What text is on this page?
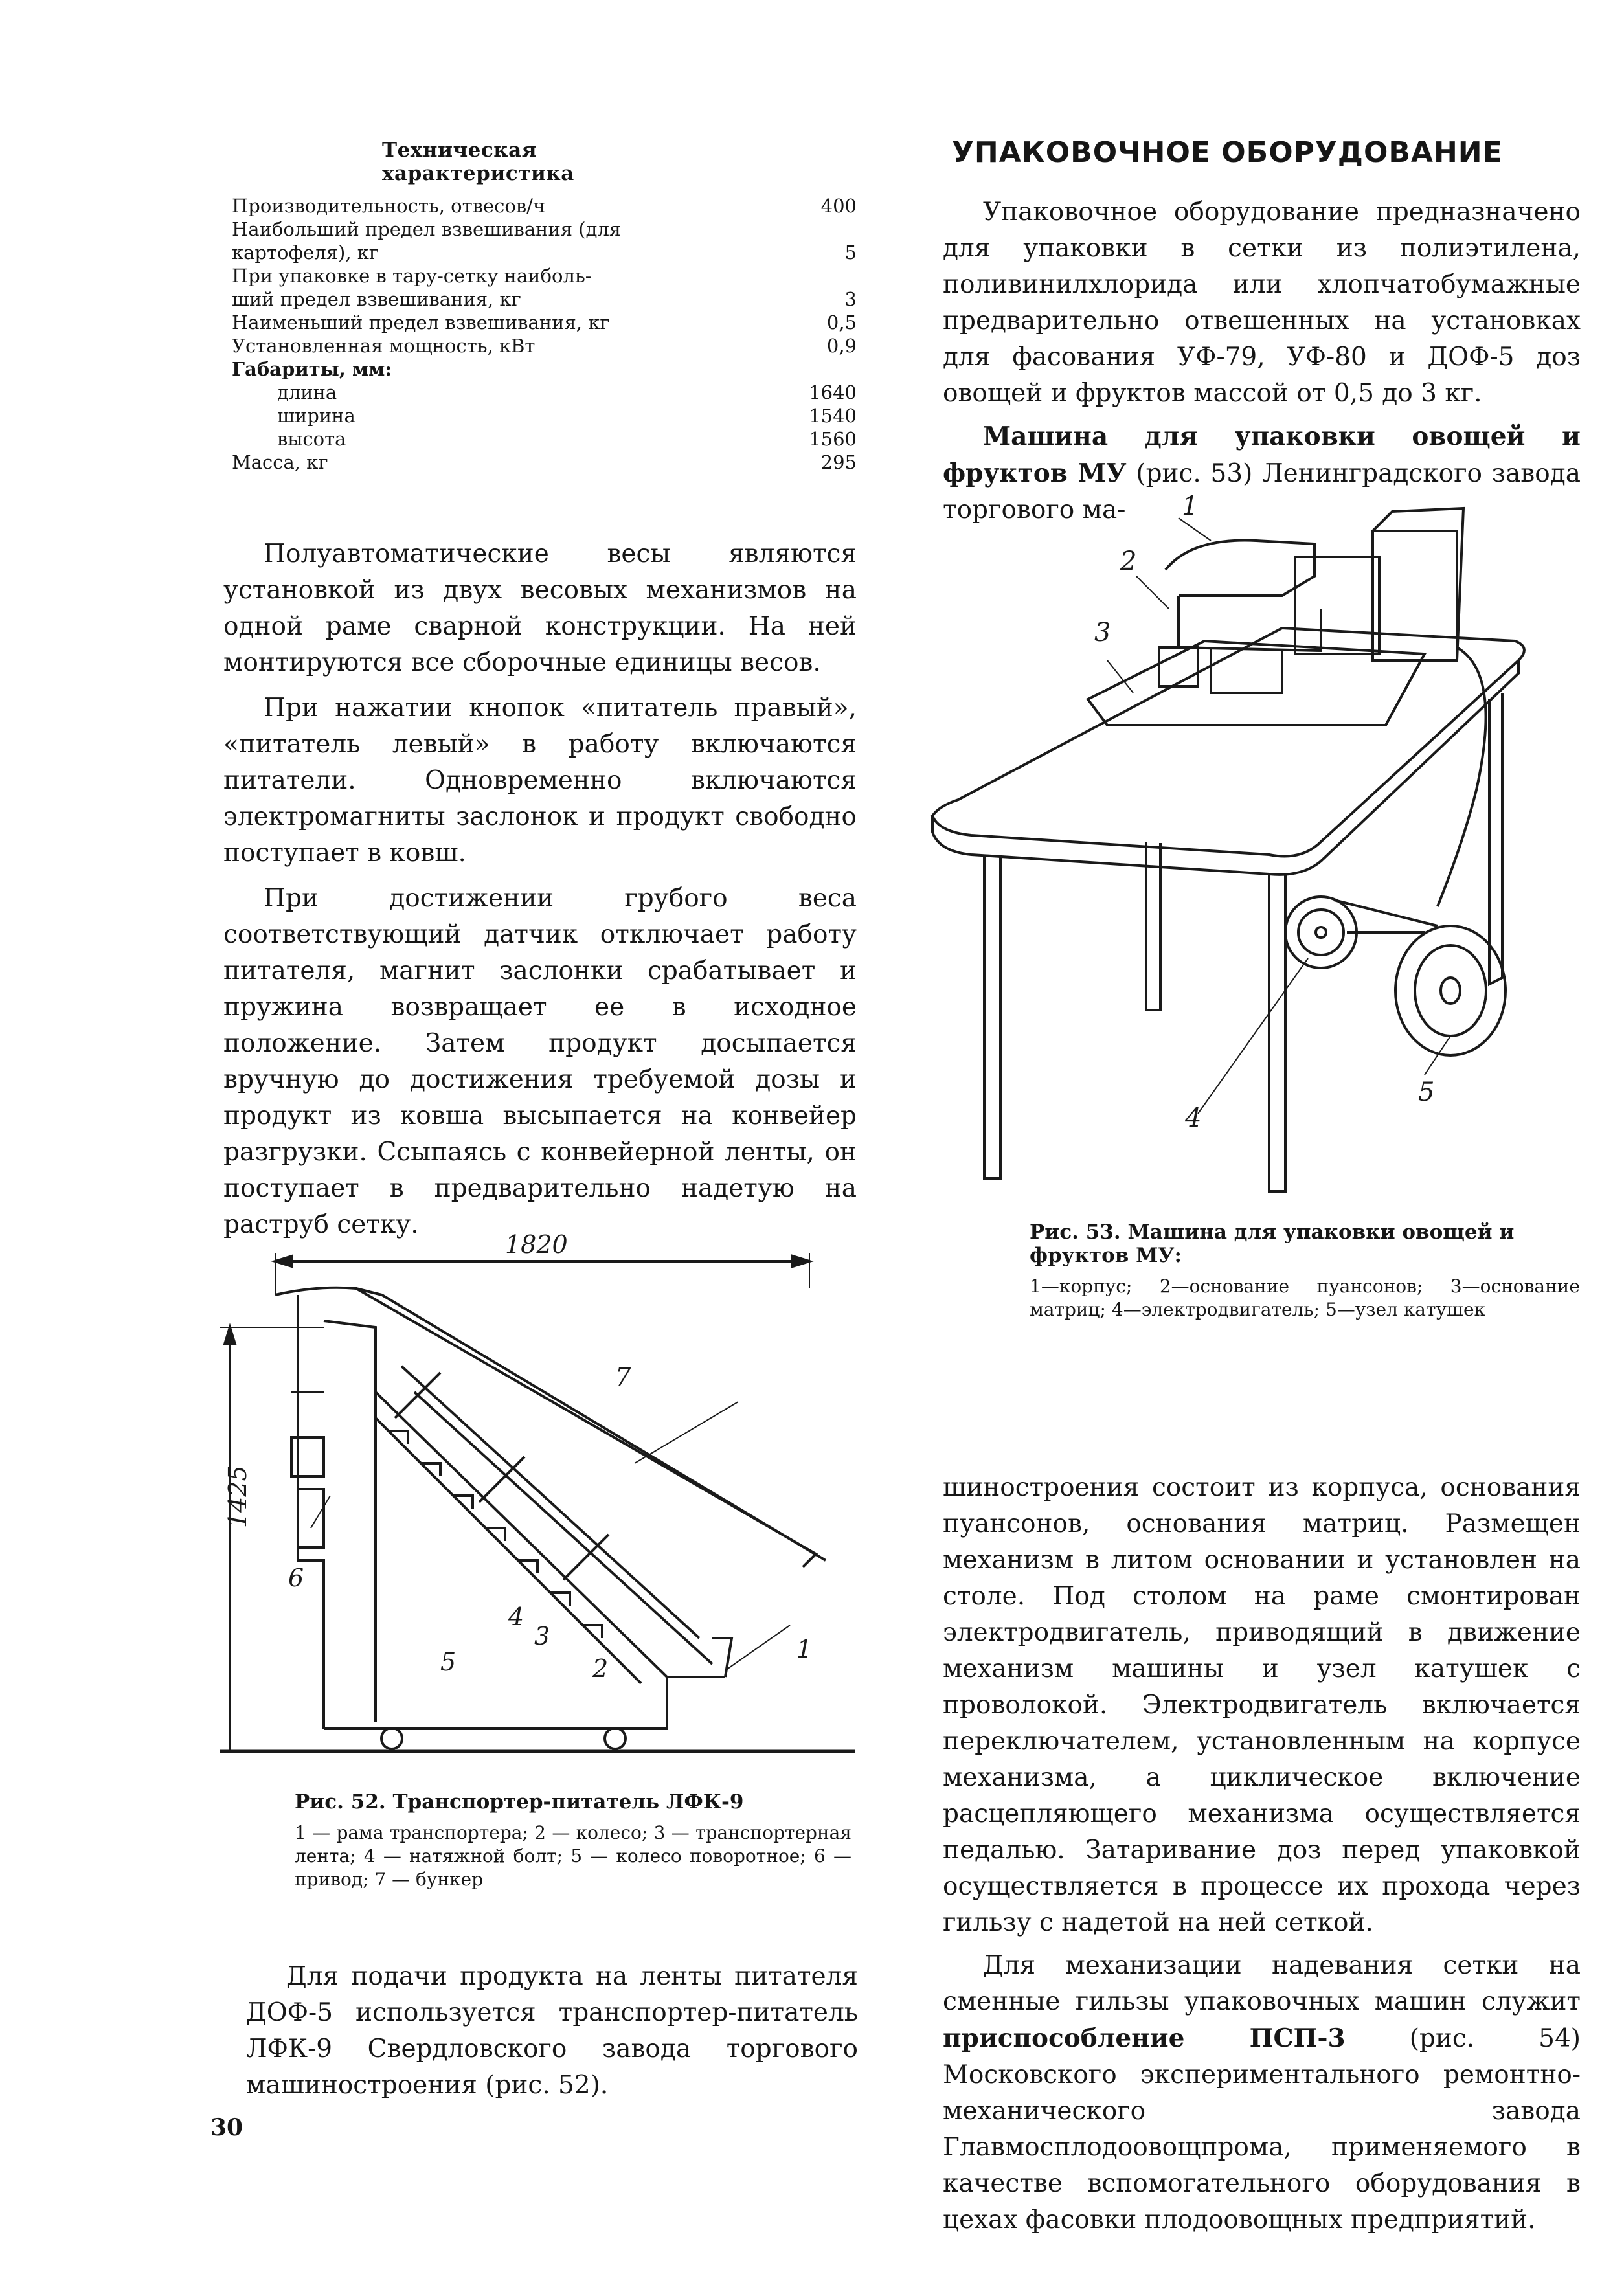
Техническая характеристика
Производительность, отвесов/ч	400
Наибольший предел взвешивания (для
картофеля), кг	5
При упаковке в тару-сетку наиболь-
ший предел взвешивания, кг	3
Наименьший предел взвешивания, кг	0,5
Установленная мощность, кВт	0,9
Габариты, мм:
длина	1640
ширина	1540
высота	1560
Масса, кг	295

Полуавтоматические весы являются установкой из двух весовых механизмов на одной раме сварной конструкции. На ней монтируются все сборочные единицы весов.

При нажатии кнопок «питатель правый», «питатель левый» в работу включаются питатели. Одновременно включаются электромагниты заслонок и продукт свободно поступает в ковш.

При достижении грубого веса соответствующий датчик отключает работу питателя, магнит заслонки срабатывает и пружина возвращает ее в исходное положение. Затем продукт досыпается вручную до достижения требуемой дозы и продукт из ковша высыпается на конвейер разгрузки. Ссыпаясь с конвейерной ленты, он поступает в предварительно надетую на раструб сетку.

1820
1425
1
2
3
4
5
6
7

Рис. 52. Транспортер-питатель ЛФК-9

1 — рама транспортера; 2 — колесо; 3 — транспортерная лента; 4 — натяжной болт; 5 — колесо поворотное; 6 — привод; 7 — бункер

Для подачи продукта на ленты питателя ДОФ-5 используется транспортер-питатель ЛФК-9 Свердловского завода торгового машиностроения (рис. 52).

30
УПАКОВОЧНОЕ ОБОРУДОВАНИЕ

Упаковочное оборудование предназначено для упаковки в сетки из полиэтилена, поливинилхлорида или хлопчатобумажные предварительно отвешенных на установках для фасования УФ-79, УФ-80 и ДОФ-5 доз овощей и фруктов массой от 0,5 до 3 кг.

Машина для упаковки овощей и фруктов МУ (рис. 53) Ленинградского завода торгового ма-	1
2
3
4
5

Рис. 53. Машина для упаковки овощей и фруктов МУ:

1—корпус; 2—основание пуансонов; 3—основание матриц; 4—электродвигатель; 5—узел катушек

шиностроения состоит из корпуса, основания пуансонов, основания матриц. Размещен механизм в литом основании и установлен на столе. Под столом на раме смонтирован электродвигатель, приводящий в движение механизм машины и узел катушек с проволокой. Электродвигатель включается переключателем, установленным на корпусе механизма, а циклическое включение расцепляющего механизма осуществляется педалью. Затаривание доз перед упаковкой осуществляется в процессе их прохода через гильзу с надетой на ней сеткой.

Для механизации надевания сетки на сменные гильзы упаковочных машин служит приспособление ПСП-3 (рис. 54) Московского экспериментального ремонтно-механического завода Главмосплодоовощпрома, применяемого в качестве вспомогательного оборудования в цехах фасовки плодоовощных предприятий.
